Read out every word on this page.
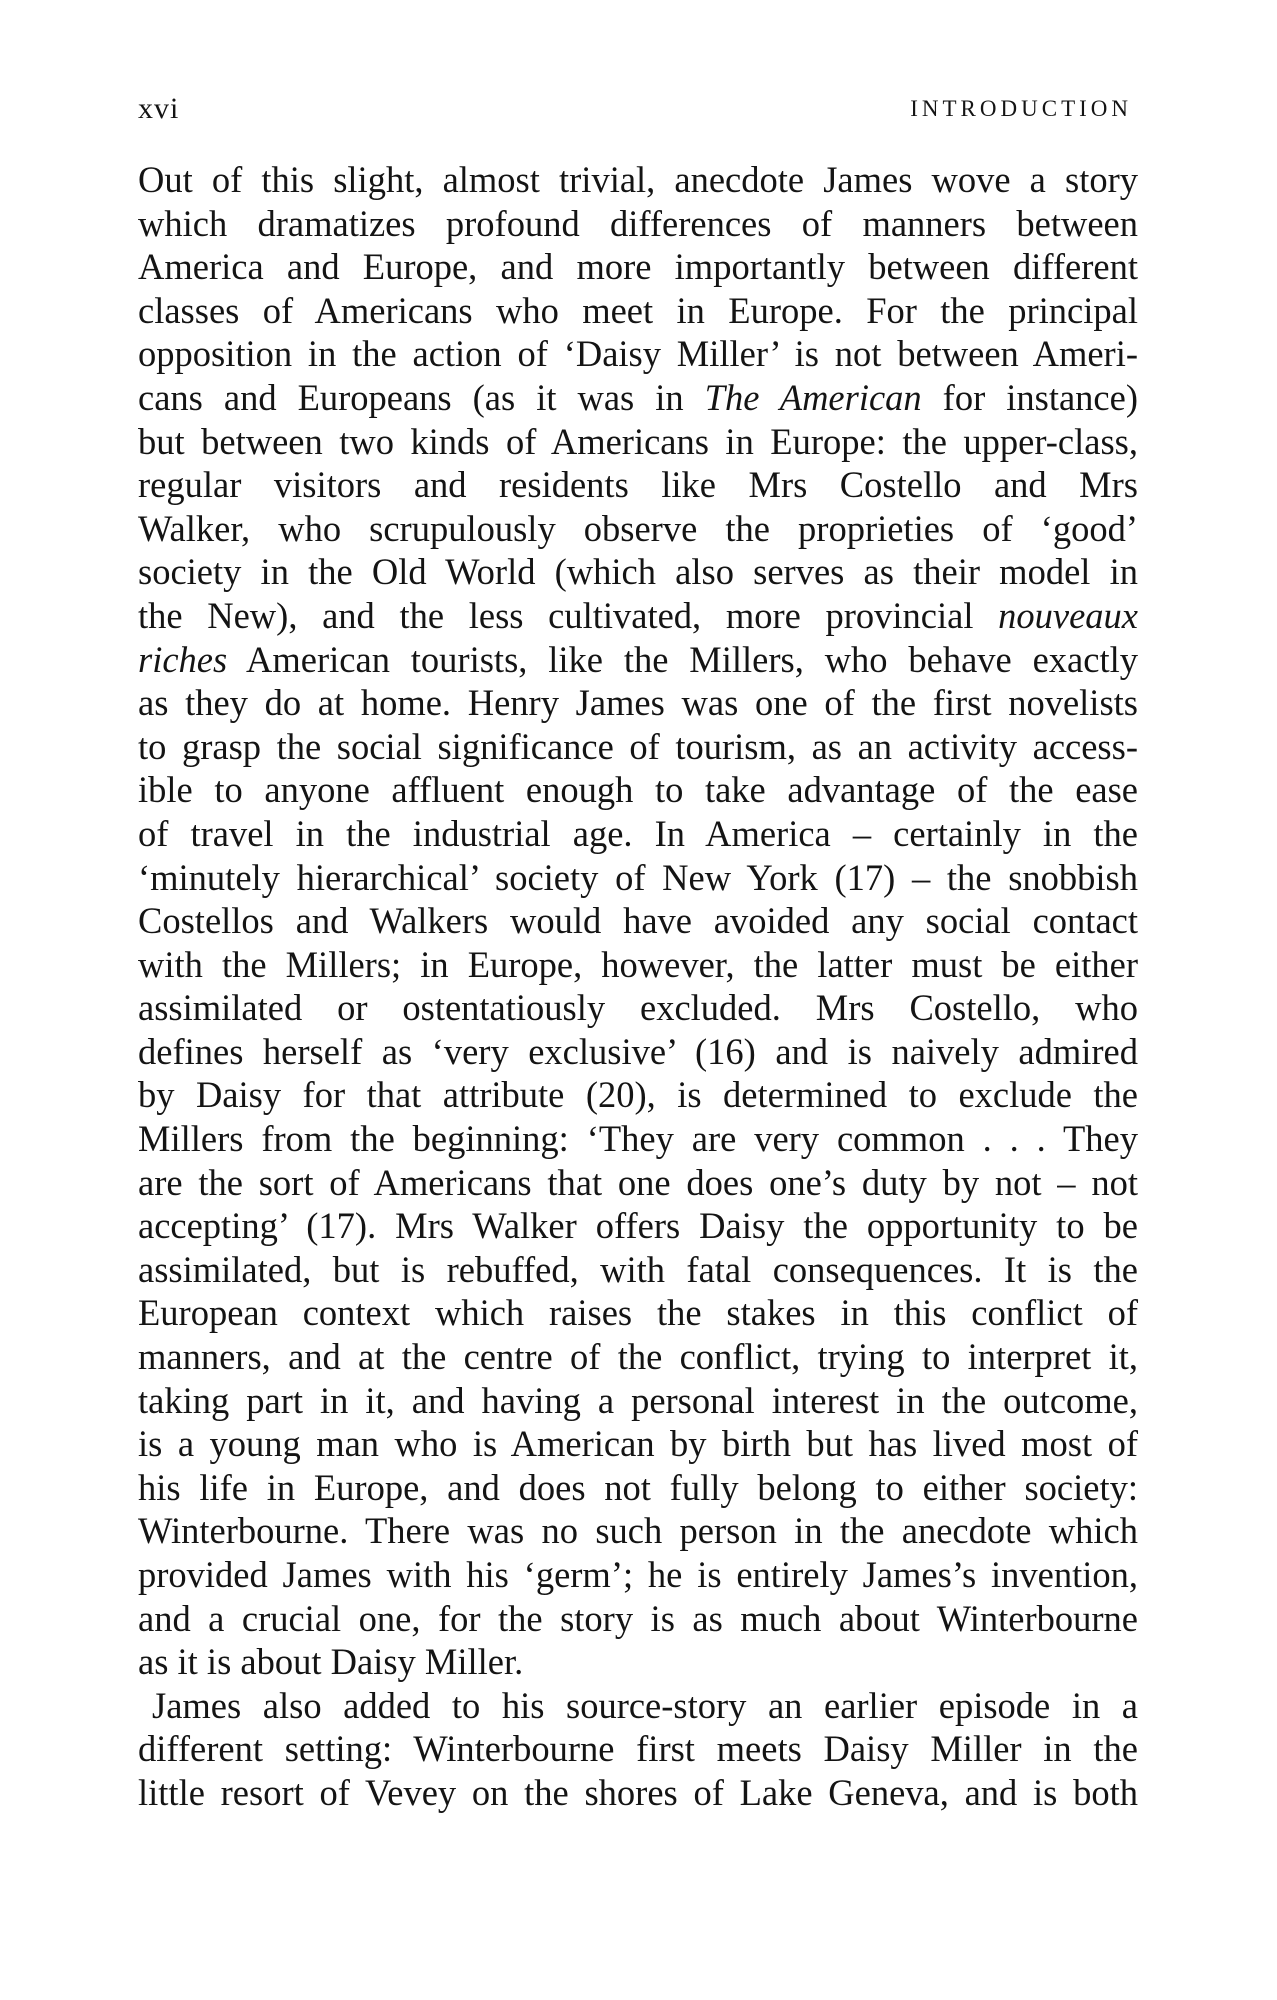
xvi	INTRODUCTION
Out of this slight, almost trivial, anecdote James wove a story
which dramatizes profound differences of manners between
America and Europe, and more importantly between different
classes of Americans who meet in Europe. For the principal
opposition in the action of ‘Daisy Miller’ is not between Ameri-
cans and Europeans (as it was in The American for instance)
but between two kinds of Americans in Europe: the upper-class,
regular visitors and residents like Mrs Costello and Mrs
Walker, who scrupulously observe the proprieties of ‘good’
society in the Old World (which also serves as their model in
the New), and the less cultivated, more provincial nouveaux
riches American tourists, like the Millers, who behave exactly
as they do at home. Henry James was one of the first novelists
to grasp the social significance of tourism, as an activity access-
ible to anyone affluent enough to take advantage of the ease
of travel in the industrial age. In America – certainly in the
‘minutely hierarchical’ society of New York (17) – the snobbish
Costellos and Walkers would have avoided any social contact
with the Millers; in Europe, however, the latter must be either
assimilated or ostentatiously excluded. Mrs Costello, who
defines herself as ‘very exclusive’ (16) and is naively admired
by Daisy for that attribute (20), is determined to exclude the
Millers from the beginning: ‘They are very common . . . They
are the sort of Americans that one does one’s duty by not – not
accepting’ (17). Mrs Walker offers Daisy the opportunity to be
assimilated, but is rebuffed, with fatal consequences. It is the
European context which raises the stakes in this conflict of
manners, and at the centre of the conflict, trying to interpret it,
taking part in it, and having a personal interest in the outcome,
is a young man who is American by birth but has lived most of
his life in Europe, and does not fully belong to either society:
Winterbourne. There was no such person in the anecdote which
provided James with his ‘germ’; he is entirely James’s invention,
and a crucial one, for the story is as much about Winterbourne
as it is about Daisy Miller.
James also added to his source-story an earlier episode in a
different setting: Winterbourne first meets Daisy Miller in the
little resort of Vevey on the shores of Lake Geneva, and is both
